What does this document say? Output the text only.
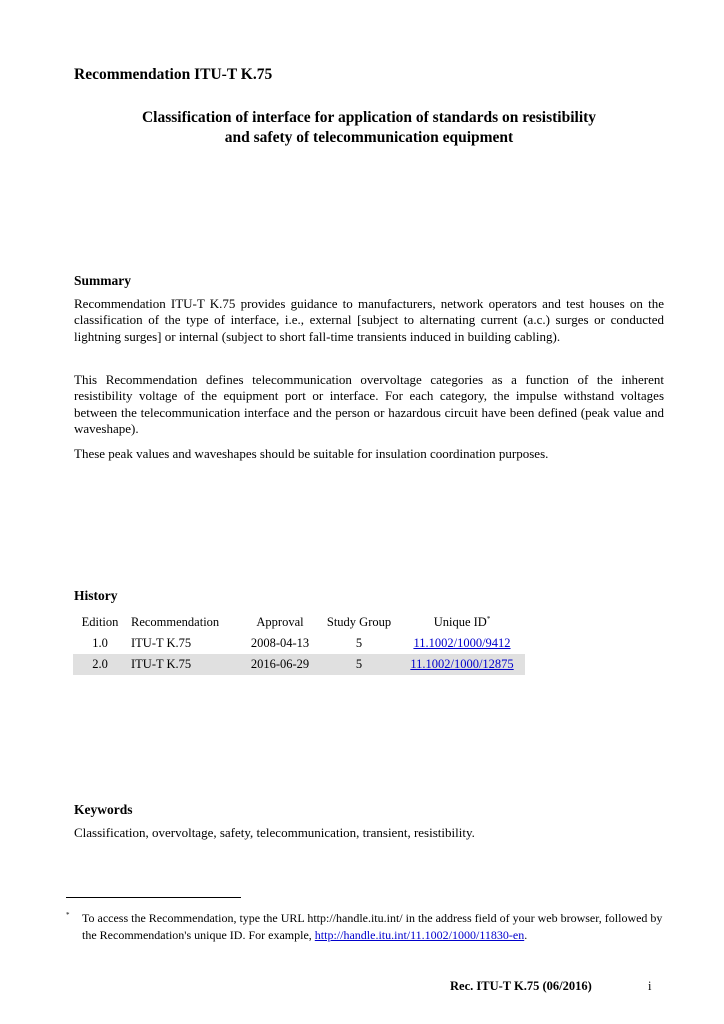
Recommendation ITU-T K.75
Classification of interface for application of standards on resistibility
and safety of telecommunication equipment
Summary
Recommendation ITU-T K.75 provides guidance to manufacturers, network operators and test houses on the classification of the type of interface, i.e., external [subject to alternating current (a.c.) surges or conducted lightning surges] or internal (subject to short fall-time transients induced in building cabling).
This Recommendation defines telecommunication overvoltage categories as a function of the inherent resistibility voltage of the equipment port or interface. For each category, the impulse withstand voltages between the telecommunication interface and the person or hazardous circuit have been defined (peak value and waveshape).
These peak values and waveshapes should be suitable for insulation coordination purposes.
History
Edition	Recommendation	Approval	Study Group	Unique ID*
1.0	ITU-T K.75	2008-04-13	5	11.1002/1000/9412
2.0	ITU-T K.75	2016-06-29	5	11.1002/1000/12875
Keywords
Classification, overvoltage, safety, telecommunication, transient, resistibility.
* To access the Recommendation, type the URL http://handle.itu.int/ in the address field of your web browser, followed by the Recommendation's unique ID. For example, http://handle.itu.int/11.1002/1000/11830-en.
Rec. ITU-T K.75 (06/2016)	i
